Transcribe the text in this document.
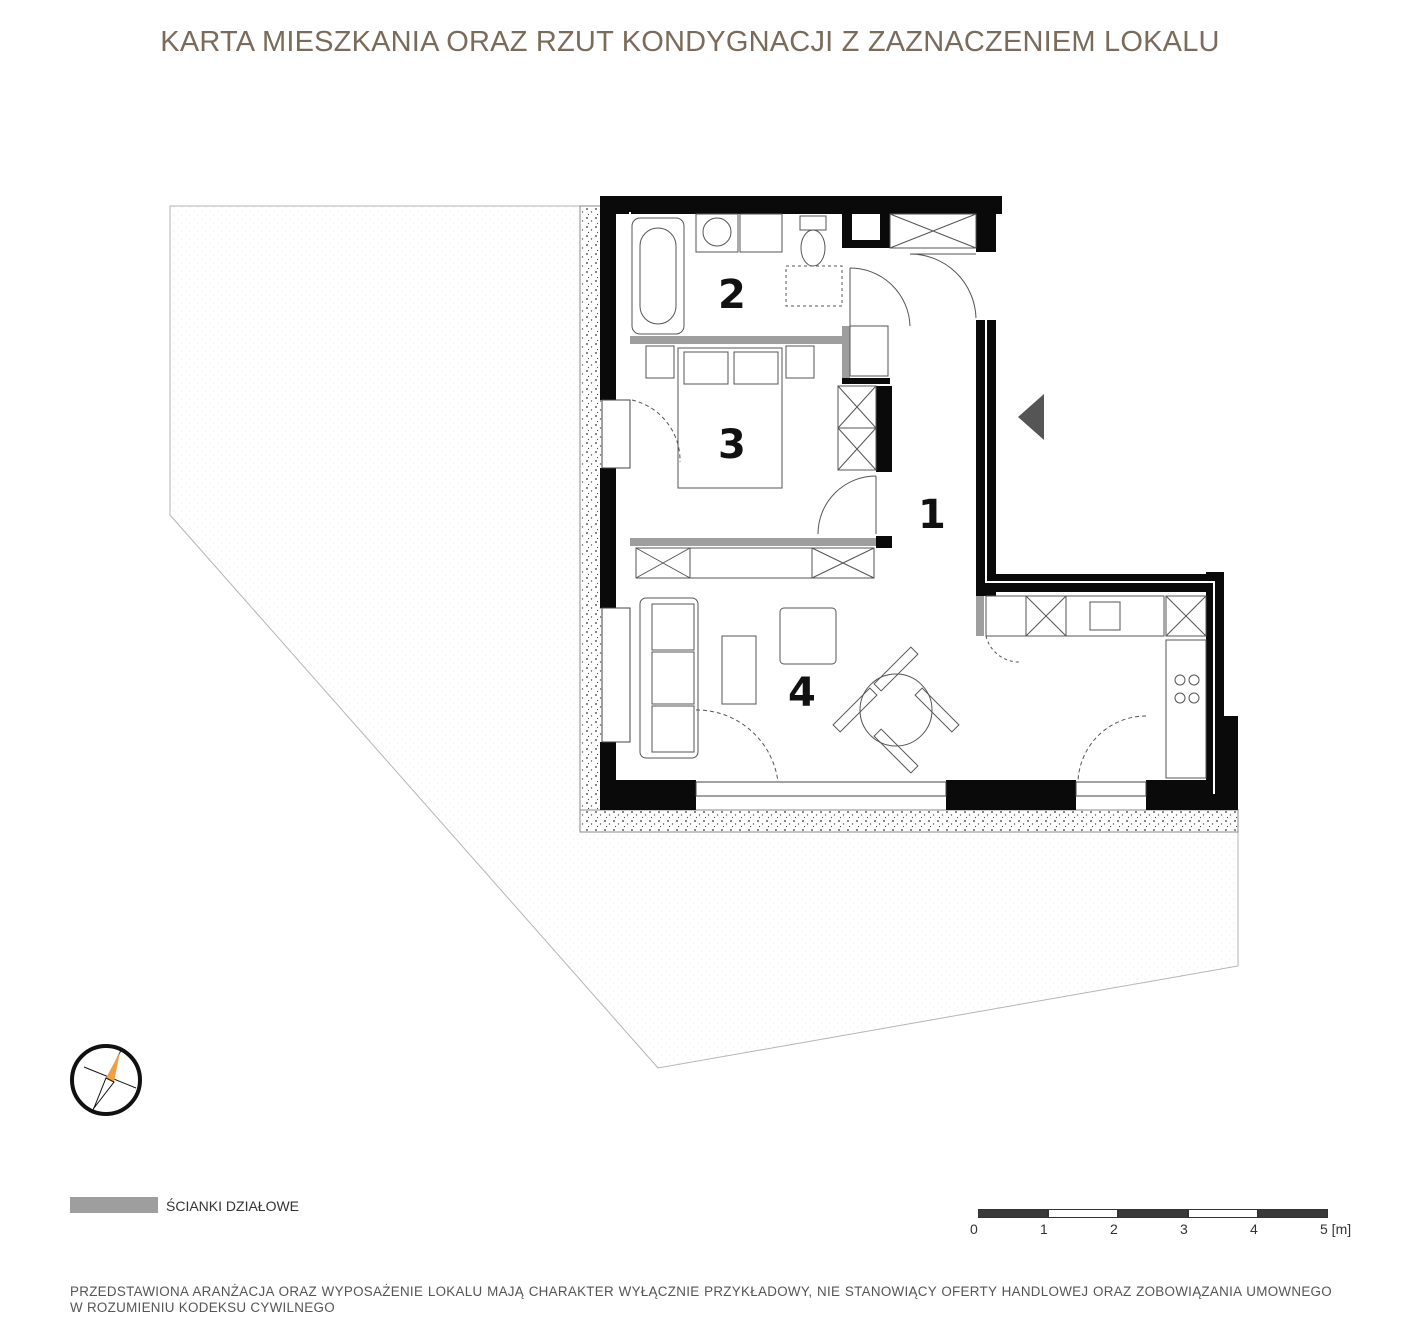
KARTA MIESZKANIA ORAZ RZUT KONDYGNACJI Z ZAZNACZENIEM LOKALU
2
3
1
4
ŚCIANKI DZIAŁOWE
0	1	2	3	4	5 [m]
PRZEDSTAWIONA ARANŻACJA ORAZ WYPOSAŻENIE LOKALU MAJĄ CHARAKTER WYŁĄCZNIE PRZYKŁADOWY, NIE STANOWIĄCY OFERTY HANDLOWEJ ORAZ ZOBOWIĄZANIA UMOWNEGO W ROZUMIENIU KODEKSU CYWILNEGO
